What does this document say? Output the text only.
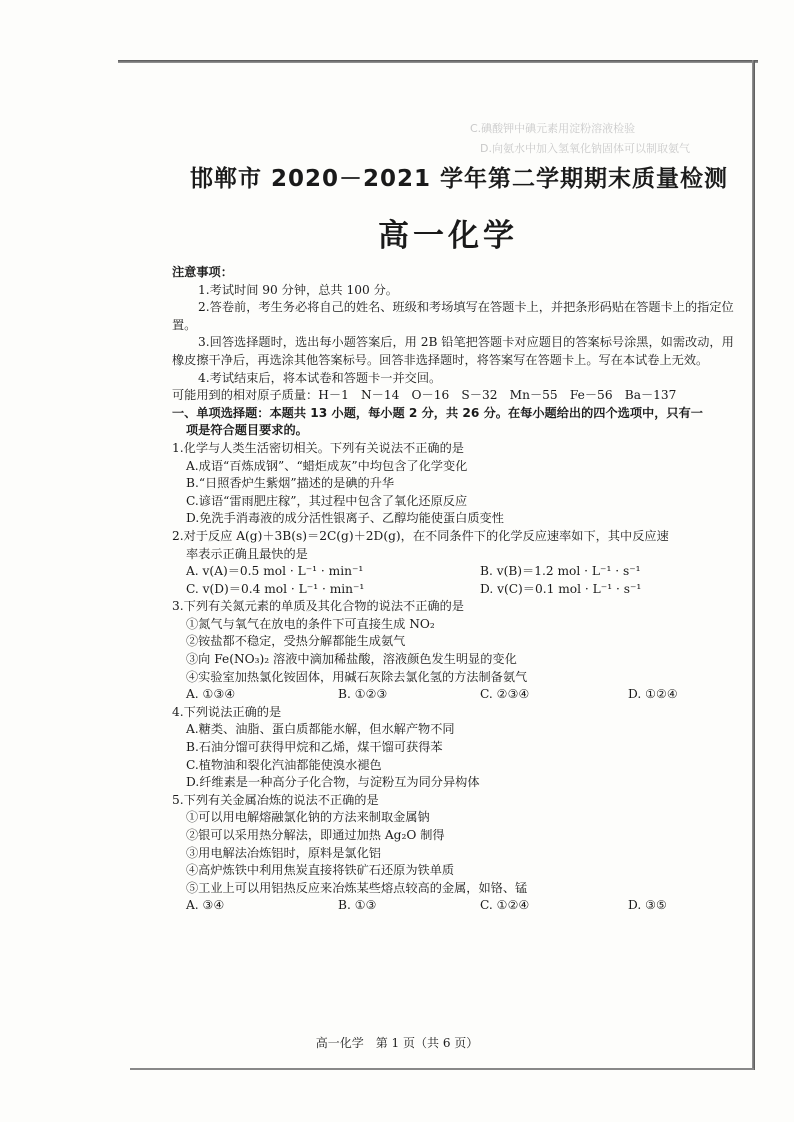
C.碘酸钾中碘元素用淀粉溶液检验
D.向氨水中加入氢氧化钠固体可以制取氨气
邯郸市 2020－2021 学年第二学期期末质量检测
高一化学

注意事项：

1.考试时间 90 分钟，总共 100 分。

2.答卷前，考生务必将自己的姓名、班级和考场填写在答题卡上，并把条形码贴在答题卡上的指定位置。

3.回答选择题时，选出每小题答案后，用 2B 铅笔把答题卡对应题目的答案标号涂黑，如需改动，用橡皮擦干净后，再选涂其他答案标号。回答非选择题时，将答案写在答题卡上。写在本试卷上无效。

4.考试结束后，将本试卷和答题卡一并交回。

可能用到的相对原子质量：H－1　N－14　O－16　S－32　Mn－55　Fe－56　Ba－137

一、单项选择题：本题共 13 小题，每小题 2 分，共 26 分。在每小题给出的四个选项中，只有一

项是符合题目要求的。

1.化学与人类生活密切相关。下列有关说法不正确的是

A.成语“百炼成钢”、“蜡炬成灰”中均包含了化学变化

B.“日照香炉生紫烟”描述的是碘的升华

C.谚语“雷雨肥庄稼”，其过程中包含了氧化还原反应

D.免洗手消毒液的成分活性银离子、乙醇均能使蛋白质变性

2.对于反应 A(g)＋3B(s)＝2C(g)＋2D(g)，在不同条件下的化学反应速率如下，其中反应速

率表示正确且最快的是

A. v(A)＝0.5 mol · L⁻¹ · min⁻¹	B. v(B)＝1.2 mol · L⁻¹ · s⁻¹
C. v(D)＝0.4 mol · L⁻¹ · min⁻¹	D. v(C)＝0.1 mol · L⁻¹ · s⁻¹

3.下列有关氮元素的单质及其化合物的说法不正确的是

①氮气与氧气在放电的条件下可直接生成 NO₂

②铵盐都不稳定，受热分解都能生成氨气

③向 Fe(NO₃)₂ 溶液中滴加稀盐酸，溶液颜色发生明显的变化

④实验室加热氯化铵固体，用碱石灰除去氯化氢的方法制备氨气

A. ①③④	B. ①②③	C. ②③④	D. ①②④

4.下列说法正确的是

A.糖类、油脂、蛋白质都能水解，但水解产物不同

B.石油分馏可获得甲烷和乙烯，煤干馏可获得苯

C.植物油和裂化汽油都能使溴水褪色

D.纤维素是一种高分子化合物，与淀粉互为同分异构体

5.下列有关金属冶炼的说法不正确的是

①可以用电解熔融氯化钠的方法来制取金属钠

②银可以采用热分解法，即通过加热 Ag₂O 制得

③用电解法冶炼铝时，原料是氯化铝

④高炉炼铁中利用焦炭直接将铁矿石还原为铁单质

⑤工业上可以用铝热反应来冶炼某些熔点较高的金属，如铬、锰

A. ③④	B. ①③	C. ①②④	D. ③⑤
高一化学　第 1 页（共 6 页）
